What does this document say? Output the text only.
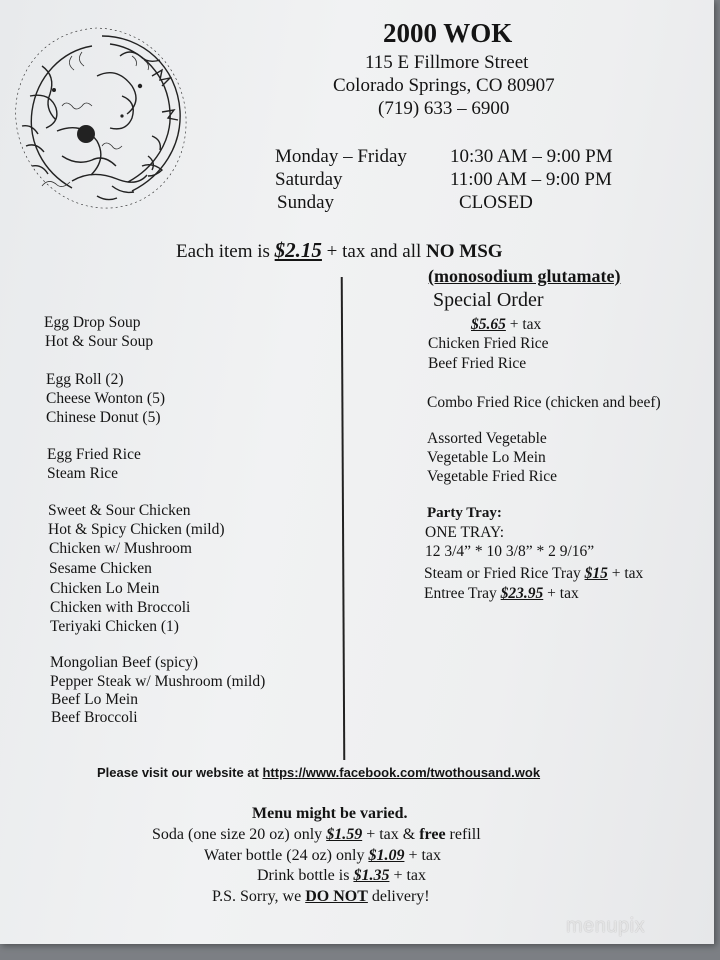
2000 WOK
115 E Fillmore Street
Colorado Springs, CO 80907
(719) 633 – 6900
Monday – Friday 10:30 AM – 9:00 PM
Saturday	11:00 AM – 9:00 PM
Sunday	CLOSED
Each item is $2.15 + tax and all NO MSG
(monosodium glutamate)
Egg Drop Soup
Hot & Sour Soup
Egg Roll (2)
Cheese Wonton (5)
Chinese Donut (5)
Egg Fried Rice
Steam Rice
Sweet & Sour Chicken
Hot & Spicy Chicken (mild)
Chicken w/ Mushroom
Sesame Chicken
Chicken Lo Mein
Chicken with Broccoli
Teriyaki Chicken (1)
Mongolian Beef (spicy)
Pepper Steak w/ Mushroom (mild)
Beef Lo Mein
Beef Broccoli
Special Order
$5.65 + tax
Chicken Fried Rice
Beef Fried Rice
Combo Fried Rice (chicken and beef)
Assorted Vegetable
Vegetable Lo Mein
Vegetable Fried Rice
Party Tray:
ONE TRAY:
12 3/4” * 10 3/8” * 2 9/16”
Steam or Fried Rice Tray $15 + tax
Entree Tray $23.95 + tax
Please visit our website at https://www.facebook.com/twothousand.wok
Menu might be varied.
Soda (one size 20 oz) only $1.59 + tax & free refill
Water bottle (24 oz) only $1.09 + tax
Drink bottle is $1.35 + tax
P.S. Sorry, we DO NOT delivery!
menupix
